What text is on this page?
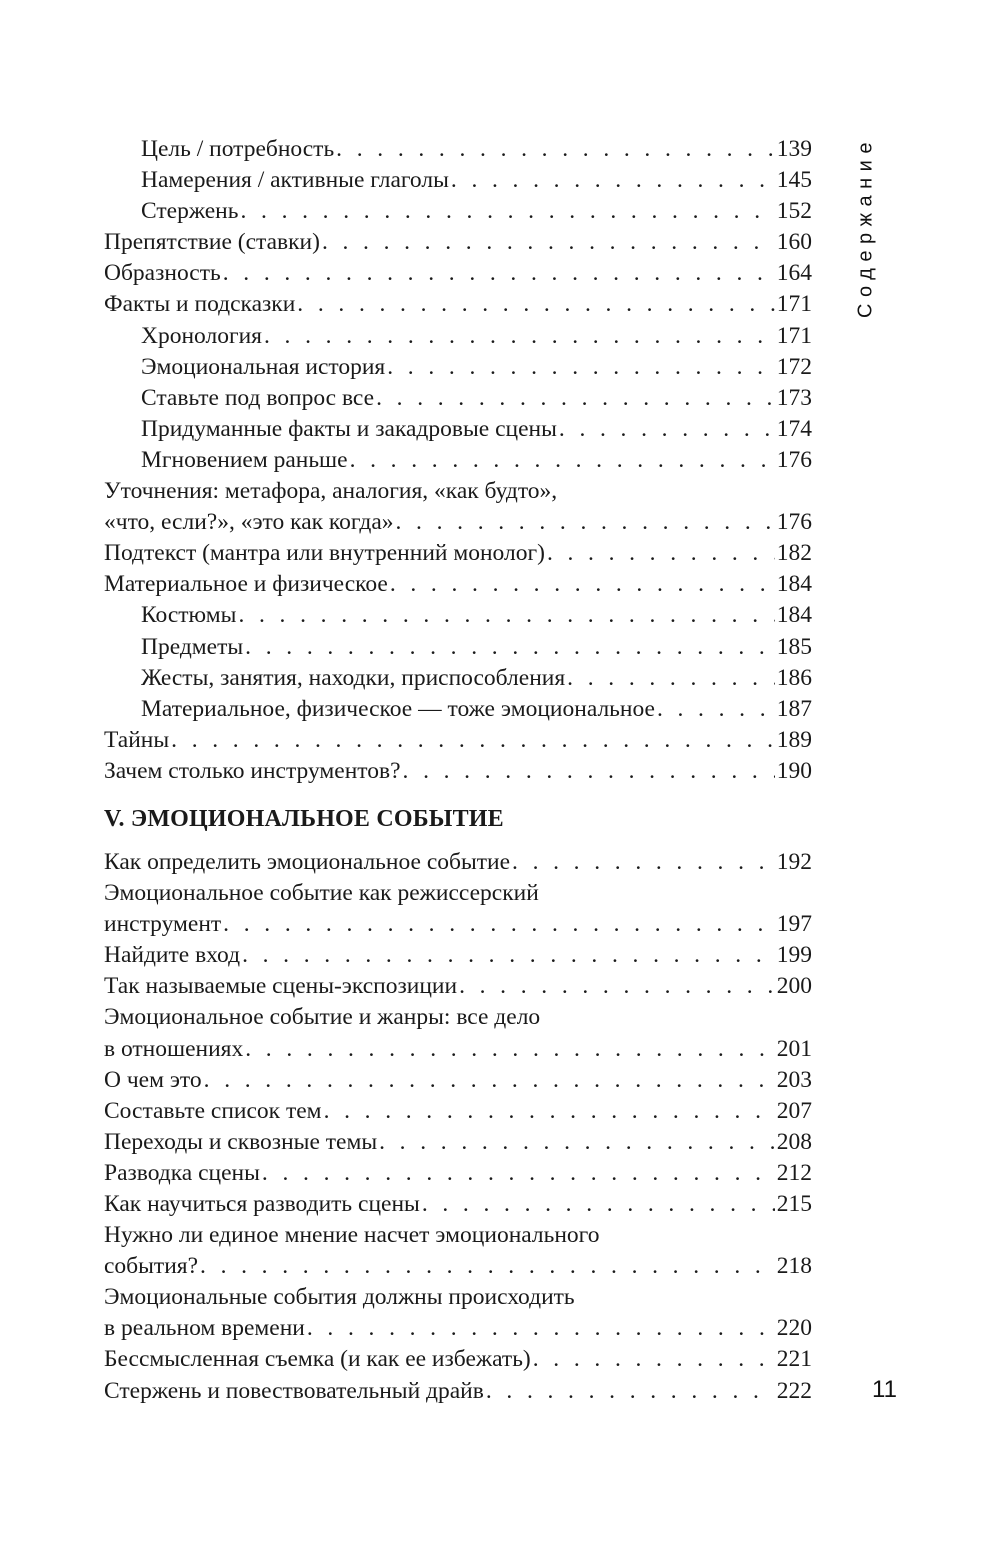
Цель / потребность . . .	139
Намерения / активные глаголы . . .	145
Стержень . . .	152
Препятствие (ставки) . . .	160
Образность . . .	164
Факты и подсказки . . .	171
Хронология . . .	171
Эмоциональная история . . .	172
Ставьте под вопрос все . . .	173
Придуманные факты и закадровые сцены . . .	174
Мгновением раньше . . .	176
Уточнения: метафора, аналогия, «как будто»,
«что, если?», «это как когда» . . .	176
Подтекст (мантра или внутренний монолог) . . .	182
Материальное и физическое . . .	184
Костюмы . . .	184
Предметы . . .	185
Жесты, занятия, находки, приспособления . . .	186
Материальное, физическое — тоже эмоциональное . . .	187
Тайны . . .	189
Зачем столько инструментов? . . .	190
V. ЭМОЦИОНАЛЬНОЕ СОБЫТИЕ
Как определить эмоциональное событие . . .	192
Эмоциональное событие как режиссерский
инструмент . . .	197
Найдите вход . . .	199
Так называемые сцены-экспозиции . . .	200
Эмоциональное событие и жанры: все дело
в отношениях . . .	201
О чем это . . .	203
Составьте список тем . . .	207
Переходы и сквозные темы . . .	208
Разводка сцены . . .	212
Как научиться разводить сцены . . .	215
Нужно ли единое мнение насчет эмоционального
события? . . .	218
Эмоциональные события должны происходить
в реальном времени . . .	220
Бессмысленная съемка (и как ее избежать) . . .	221
Стержень и повествовательный драйв . . .	222
Содержание
11
